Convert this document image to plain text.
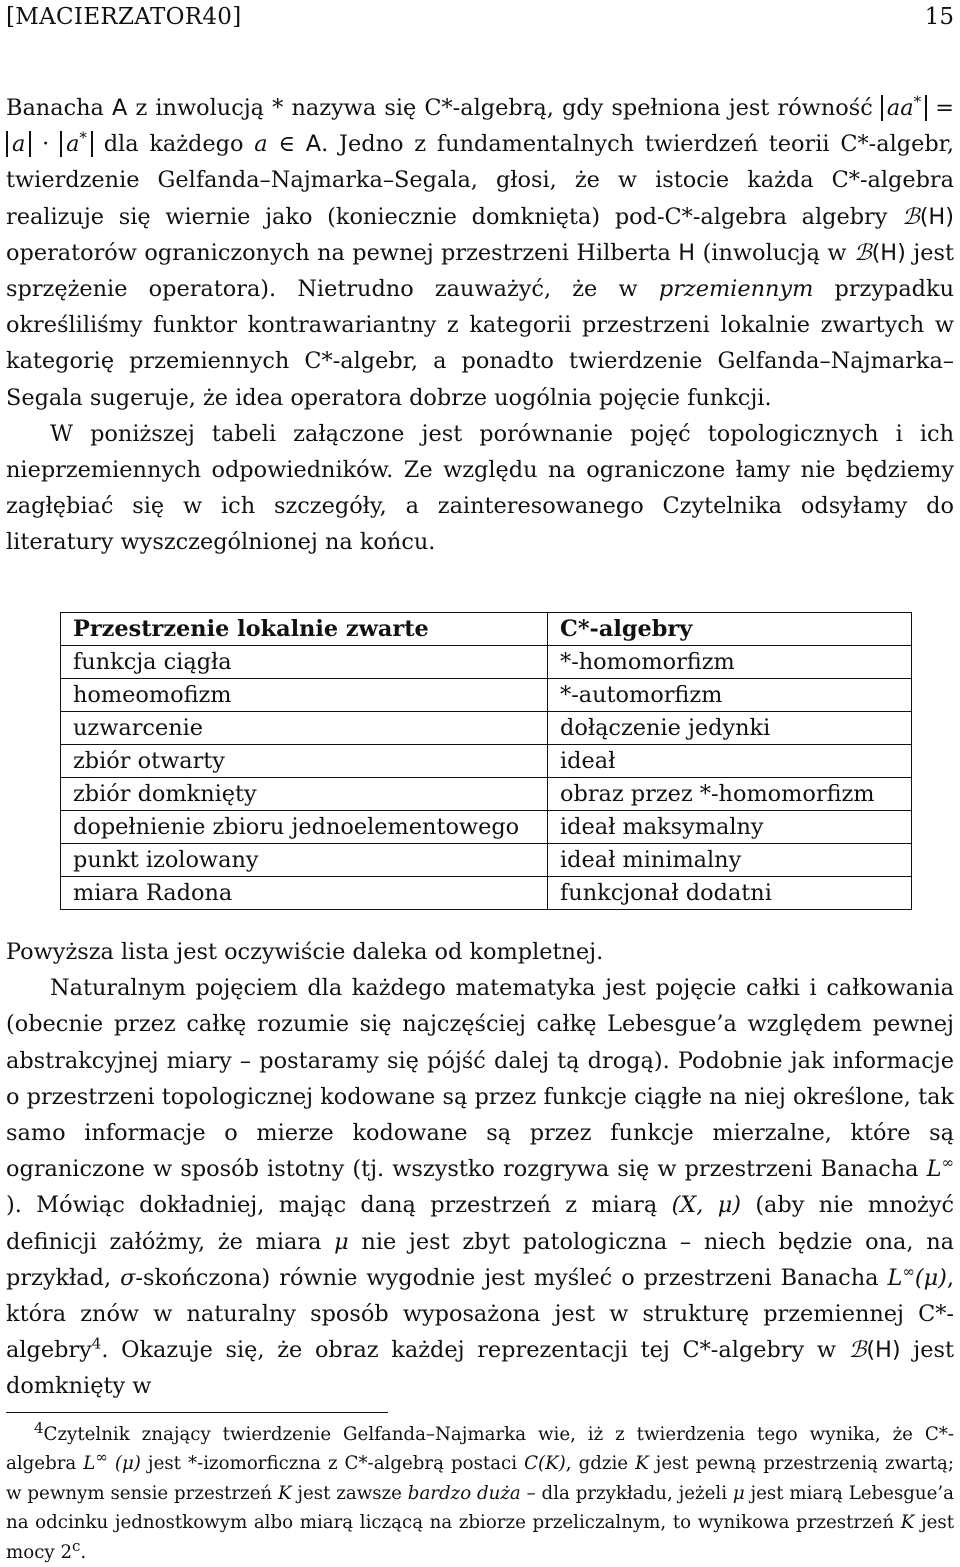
[MACIERZATOR40]	15

Banacha A z inwolucją * nazywa się C*-algebrą, gdy spełniona jest równość aa* = a · a* dla każdego a ∈ A. Jedno z fundamentalnych twierdzeń teorii C*-algebr, twierdzenie Gelfanda–Najmarka–Segala, głosi, że w istocie każda C*-algebra realizuje się wiernie jako (koniecznie domknięta) pod-C*-algebra algebry ℬ(H) operatorów ograniczonych na pewnej przestrzeni Hilberta H (inwolucją w ℬ(H) jest sprzężenie operatora). Nietrudno zauważyć, że w przemiennym przypadku określiliśmy funktor kontrawariantny z kategorii przestrzeni lokalnie zwartych w kategorię przemiennych C*-algebr, a ponadto twierdzenie Gelfanda–Najmarka–Segala sugeruje, że idea operatora dobrze uogólnia pojęcie funkcji.

W poniższej tabeli załączone jest porównanie pojęć topologicznych i ich nieprzemiennych odpowiedników. Ze względu na ograniczone łamy nie będziemy zagłębiać się w ich szczegóły, a zainteresowanego Czytelnika odsyłamy do literatury wyszczególnionej na końcu.

Przestrzenie lokalnie zwarte	C*-algebry
funkcja ciągła	*-homomorfizm
homeomofizm	*-automorfizm
uzwarcenie	dołączenie jedynki
zbiór otwarty	ideał
zbiór domknięty	obraz przez *-homomorfizm
dopełnienie zbioru jednoelementowego	ideał maksymalny
punkt izolowany	ideał minimalny
miara Radona	funkcjonał dodatni

Powyższa lista jest oczywiście daleka od kompletnej.

Naturalnym pojęciem dla każdego matematyka jest pojęcie całki i całkowania (obecnie przez całkę rozumie się najczęściej całkę Lebesgue’a względem pewnej abstrakcyjnej miary – postaramy się pójść dalej tą drogą). Podobnie jak informacje o przestrzeni topologicznej kodowane są przez funkcje ciągłe na niej określone, tak samo informacje o mierze kodowane są przez funkcje mierzalne, które są ograniczone w sposób istotny (tj. wszystko rozgrywa się w przestrzeni Banacha L∞ ). Mówiąc dokładniej, mając daną przestrzeń z miarą (X, μ) (aby nie mnożyć definicji załóżmy, że miara μ nie jest zbyt patologiczna – niech będzie ona, na przykład, σ-skończona) równie wygodnie jest myśleć o przestrzeni Banacha L∞(μ), która znów w naturalny sposób wyposażona jest w strukturę przemiennej C*-algebry$^4$. Okazuje się, że obraz każdej reprezentacji tej C*-algebry w ℬ(H) jest domknięty w

$^4$Czytelnik znający twierdzenie Gelfanda–Najmarka wie, iż z twierdzenia tego wynika, że C*-algebra L∞ (μ) jest *-izomorficzna z C*-algebrą postaci C(K), gdzie K jest pewną przestrzenią zwartą; w pewnym sensie przestrzeń K jest zawsze bardzo duża – dla przykładu, jeżeli μ jest miarą Lebesgue’a na odcinku jednostkowym albo miarą liczącą na zbiorze przeliczalnym, to wynikowa przestrzeń K jest mocy 2$^c$.
